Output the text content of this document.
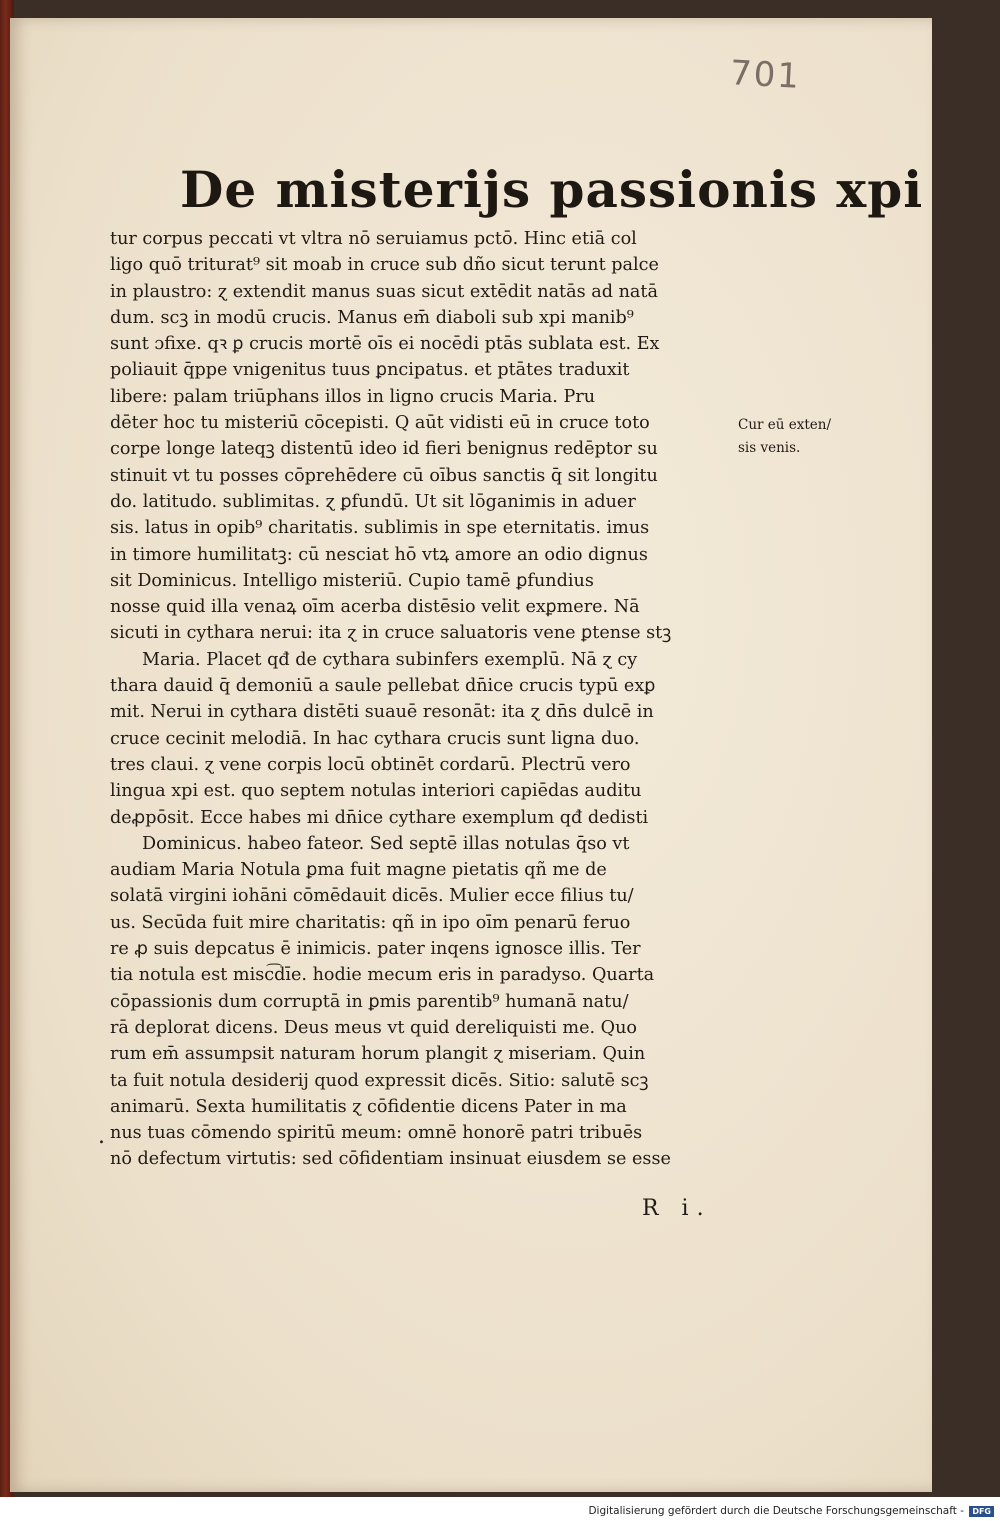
701
De misterijs passionis xpi
tur corpus peccati vt vltra nō seruiamus pctō. Hinc etiā col
ligo quō triturat⁹ sit moab in cruce sub dño sicut terunt palce
in plaustro: ɀ extendit manus suas sicut extēdit natās ad natā
dum. scꝫ in modū crucis. Manus em̄ diaboli sub xpi manib⁹
sunt ɔfixe. qꝛ ꝑ crucis mortē oīs ei nocēdi ptās sublata est. Ex
poliauit q̄ppe vnigenitus tuus ꝑncipatus. et ptātes traduxit
libere: palam triūphans illos in ligno crucis Maria. Pru
dēter hoc tu misteriū cōcepisti. Q aūt vidisti eū in cruce toto
corpe longe lateqꝫ distentū ideo id fieri benignus redēptor su
stinuit vt tu posses cōprehēdere cū oībus sanctis q̄ sit longitu
do. latitudo. sublimitas. ɀ ꝑfundū. Ut sit lōganimis in aduer
sis. latus in opib⁹ charitatis. sublimis in spe eternitatis. imus
in timore humilitatꝫ: cū nesciat hō vtꝝ amore an odio dignus
sit Dominicus. Intelligo misteriū. Cupio tamē ꝑfundius
nosse quid illa venaꝝ oīm acerba distēsio velit exꝑmere. Nā
sicuti in cythara nerui: ita ɀ in cruce saluatoris vene ꝑtense stꝫ
Maria. Placet qđ de cythara subinfers exemplū. Nā ɀ cy
thara dauid q̄ demoniū a saule pellebat dn̄ice crucis typū exꝑ
mit. Nerui in cythara distēti suauē resonāt: ita ɀ dn̄s dulcē in
cruce cecinit melodiā. In hac cythara crucis sunt ligna duo.
tres claui. ɀ vene corpis locū obtinēt cordarū. Plectrū vero
lingua xpi est. quo septem notulas interiori capiēdas auditu
deꝓpōsit. Ecce habes mi dn̄ice cythare exemplum qđ dedisti
Dominicus. habeo fateor. Sed septē illas notulas q̄so vt
audiam Maria Notula ꝑma fuit magne pietatis qñ me de
solatā virgini iohāni cōmēdauit dicēs. Mulier ecce filius tu/
us. Secūda fuit mire charitatis: qñ in ipo oīm penarū feruo
re ꝓ suis depcatus ē inimicis. pater inqens ignosce illis. Ter
tia notula est misc͡dīe. hodie mecum eris in paradyso. Quarta
cōpassionis dum corruptā in ꝑmis parentib⁹ humanā natu/
rā deplorat dicens. Deus meus vt quid dereliquisti me. Quo
rum em̄ assumpsit naturam horum plangit ɀ miseriam. Quin
ta fuit notula desiderij quod expressit dicēs. Sitio: salutē scꝫ
animarū. Sexta humilitatis ɀ cōfidentie dicens Pater in ma
nus tuas cōmendo spiritū meum: omnē honorē patri tribuēs
nō defectum virtutis: sed cōfidentiam insinuat eiusdem se esse
Cur eū exten/
sis venis.
.
R i.
Digitalisierung gefördert durch die Deutsche Forschungsgemeinschaft - DFG
